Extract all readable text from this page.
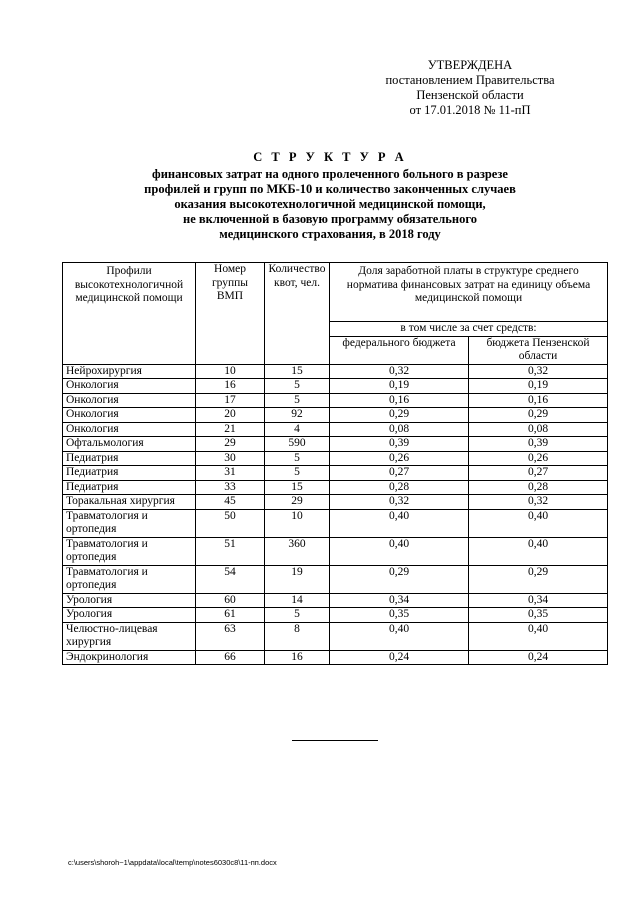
УТВЕРЖДЕНА
постановлением Правительства
Пензенской области
от 17.01.2018 № 11-пП
С Т Р У К Т У Р А
финансовых затрат на одного пролеченного больного в разрезе
профилей и групп по МКБ-10 и количество законченных случаев
оказания высокотехнологичной медицинской помощи,
не включенной в базовую программу обязательного
медицинского страхования, в 2018 году
Профили высокотехнологичной медицинской помощи	Номер группы ВМП	Количество квот, чел.	Доля заработной платы в структуре среднего норматива финансовых затрат на единицу объема медицинской помощи	
			в том числе за счет средств:	
			федерального бюджета	бюджета Пензенской области
Нейрохирургия	10	15	0,32	0,32
Онкология	16	5	0,19	0,19
Онкология	17	5	0,16	0,16
Онкология	20	92	0,29	0,29
Онкология	21	4	0,08	0,08
Офтальмология	29	590	0,39	0,39
Педиатрия	30	5	0,26	0,26
Педиатрия	31	5	0,27	0,27
Педиатрия	33	15	0,28	0,28
Торакальная хирургия	45	29	0,32	0,32
Травматология и ортопедия	50	10	0,40	0,40
Травматология и ортопедия	51	360	0,40	0,40
Травматология и ортопедия	54	19	0,29	0,29
Урология	60	14	0,34	0,34
Урология	61	5	0,35	0,35
Челюстно-лицевая хирургия	63	8	0,40	0,40
Эндокринология	66	16	0,24	0,24
c:\users\shoroh~1\appdata\local\temp\notes6030c8\11-пп.docx
